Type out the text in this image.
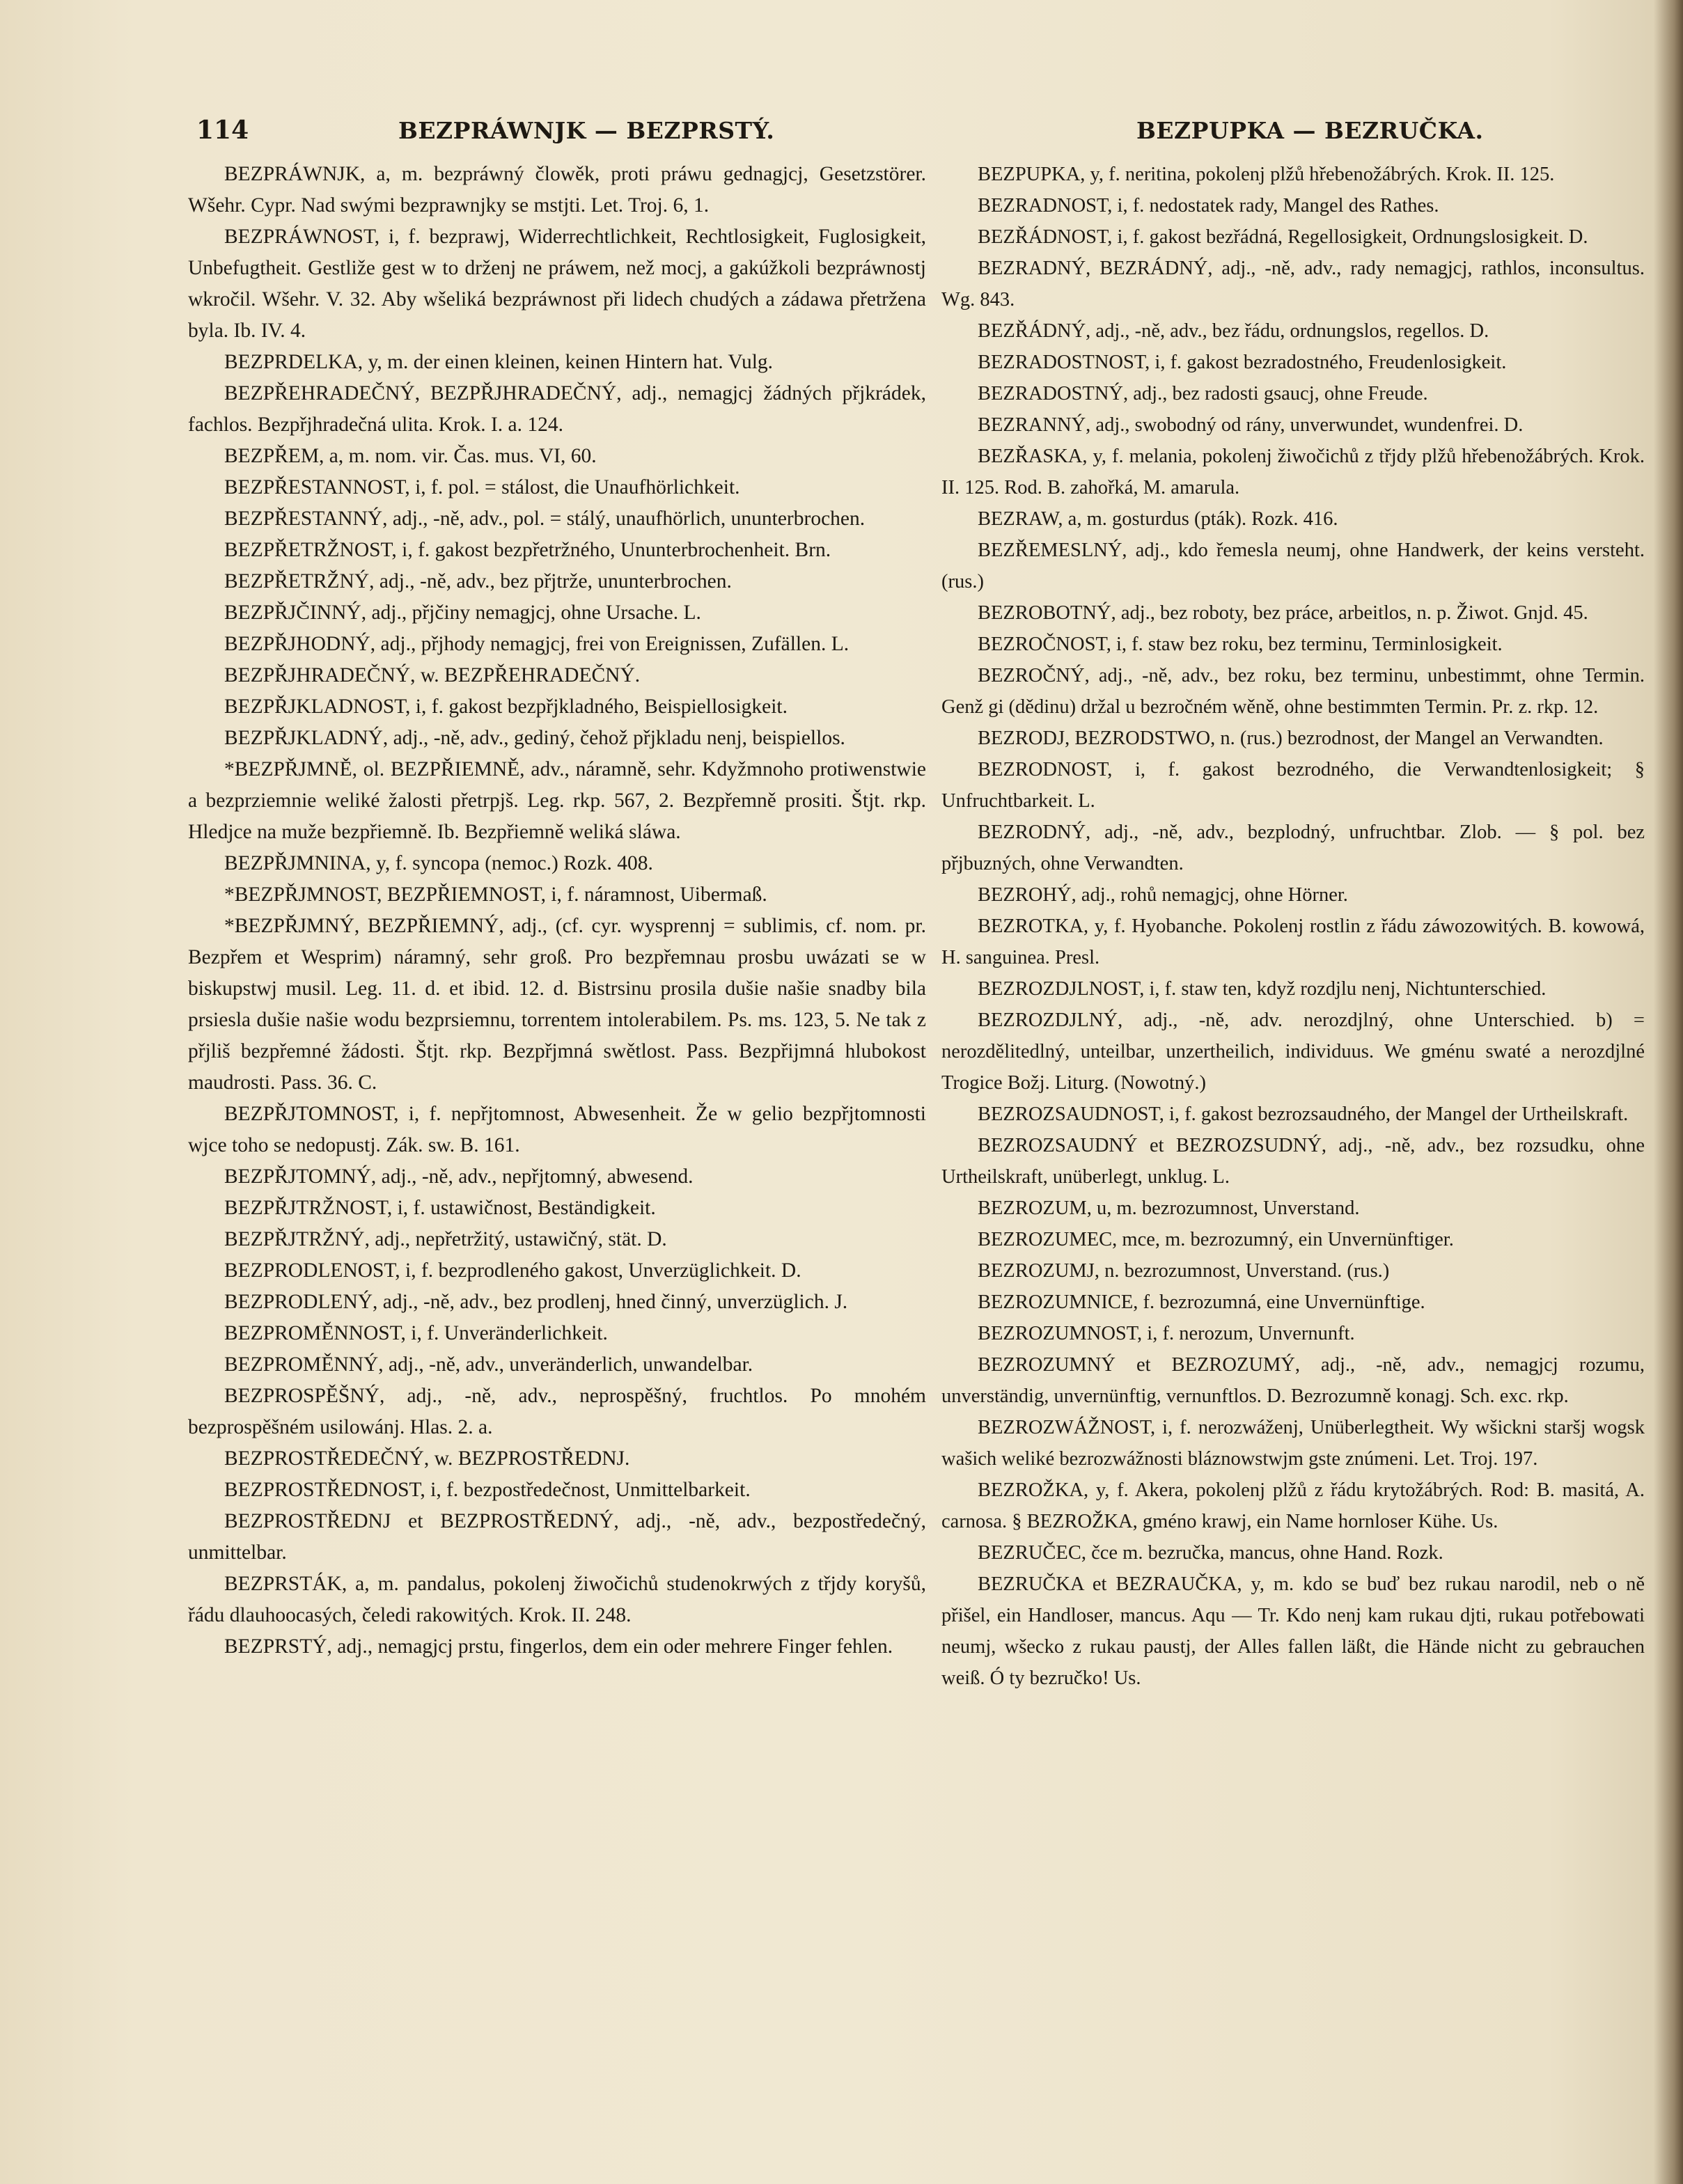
114	BEZPRÁWNJK — BEZPRSTÝ.	BEZPUPKA — BEZRUČKA.

BEZPRÁWNJK, a, m. bezpráwný člowěk, proti práwu gednagjcj, Gesetzstörer. Wšehr. Cypr. Nad swými bezprawnjky se mstjti. Let. Troj. 6, 1.

BEZPRÁWNOST, i, f. bezprawj, Widerrechtlichkeit, Rechtlosigkeit, Fuglosigkeit, Unbefugtheit. Gestliže gest w to drženj ne práwem, než mocj, a gakúžkoli bezpráwnostj wkročil. Wšehr. V. 32. Aby wšeliká bezpráwnost při lidech chudých a zádawa přetržena byla. Ib. IV. 4.

BEZPRDELKA, y, m. der einen kleinen, keinen Hintern hat. Vulg.

BEZPŘEHRADEČNÝ, BEZPŘJHRADEČNÝ, adj., nemagjcj žádných přjkrádek, fachlos. Bezpřjhradečná ulita. Krok. I. a. 124.

BEZPŘEM, a, m. nom. vir. Čas. mus. VI, 60.

BEZPŘESTANNOST, i, f. pol. = stálost, die Unaufhörlichkeit.

BEZPŘESTANNÝ, adj., -ně, adv., pol. = stálý, unaufhörlich, ununterbrochen.

BEZPŘETRŽNOST, i, f. gakost bezpřetržného, Ununterbrochenheit. Brn.

BEZPŘETRŽNÝ, adj., -ně, adv., bez přjtrže, ununterbrochen.

BEZPŘJČINNÝ, adj., přjčiny nemagjcj, ohne Ursache. L.

BEZPŘJHODNÝ, adj., přjhody nemagjcj, frei von Ereignissen, Zufällen. L.

BEZPŘJHRADEČNÝ, w. BEZPŘEHRADEČNÝ.

BEZPŘJKLADNOST, i, f. gakost bezpřjkladného, Beispiellosigkeit.

BEZPŘJKLADNÝ, adj., -ně, adv., gediný, čehož přjkladu nenj, beispiellos.

*BEZPŘJMNĚ, ol. BEZPŘIEMNĚ, adv., náramně, sehr. Kdyžmnoho protiwenstwie a bezprziemnie weliké žalosti přetrpjš. Leg. rkp. 567, 2. Bezpřemně prositi. Štjt. rkp. Hledjce na muže bezpřiemně. Ib. Bezpřiemně weliká sláwa.

BEZPŘJMNINA, y, f. syncopa (nemoc.) Rozk. 408.

*BEZPŘJMNOST, BEZPŘIEMNOST, i, f. náramnost, Uibermaß.

*BEZPŘJMNÝ, BEZPŘIEMNÝ, adj., (cf. cyr. wysprennj = sublimis, cf. nom. pr. Bezpřem et Wesprim) náramný, sehr groß. Pro bezpřemnau prosbu uwázati se w biskupstwj musil. Leg. 11. d. et ibid. 12. d. Bistrsinu prosila dušie našie snadby bila prsiesla dušie našie wodu bezprsiemnu, torrentem intolerabilem. Ps. ms. 123, 5. Ne tak z přjliš bezpřemné žádosti. Štjt. rkp. Bezpřjmná swětlost. Pass. Bezpřijmná hlubokost maudrosti. Pass. 36. C.

BEZPŘJTOMNOST, i, f. nepřjtomnost, Abwesenheit. Že w gelio bezpřjtomnosti wjce toho se nedopustj. Zák. sw. B. 161.

BEZPŘJTOMNÝ, adj., -ně, adv., nepřjtomný, abwesend.

BEZPŘJTRŽNOST, i, f. ustawičnost, Beständigkeit.

BEZPŘJTRŽNÝ, adj., nepřetržitý, ustawičný, stät. D.

BEZPRODLENOST, i, f. bezprodleného gakost, Unverzüglichkeit. D.

BEZPRODLENÝ, adj., -ně, adv., bez prodlenj, hned činný, unverzüglich. J.

BEZPROMĚNNOST, i, f. Unveränderlichkeit.

BEZPROMĚNNÝ, adj., -ně, adv., unveränderlich, unwandelbar.

BEZPROSPĚŠNÝ, adj., -ně, adv., neprospěšný, fruchtlos. Po mnohém bezprospěšném usilowánj. Hlas. 2. a.

BEZPROSTŘEDEČNÝ, w. BEZPROSTŘEDNJ.

BEZPROSTŘEDNOST, i, f. bezpostředečnost, Unmittelbarkeit.

BEZPROSTŘEDNJ et BEZPROSTŘEDNÝ, adj., -ně, adv., bezpostředečný, unmittelbar.

BEZPRSTÁK, a, m. pandalus, pokolenj žiwočichů studenokrwých z třjdy koryšů, řádu dlauhoocasých, čeledi rakowitých. Krok. II. 248.

BEZPRSTÝ, adj., nemagjcj prstu, fingerlos, dem ein oder mehrere Finger fehlen.

BEZPUPKA, y, f. neritina, pokolenj plžů hřebenožábrých. Krok. II. 125.

BEZRADNOST, i, f. nedostatek rady, Mangel des Rathes.

BEZŘÁDNOST, i, f. gakost bezřádná, Regellosigkeit, Ordnungslosigkeit. D.

BEZRADNÝ, BEZRÁDNÝ, adj., -ně, adv., rady nemagjcj, rathlos, inconsultus. Wg. 843.

BEZŘÁDNÝ, adj., -ně, adv., bez řádu, ordnungslos, regellos. D.

BEZRADOSTNOST, i, f. gakost bezradostného, Freudenlosigkeit.

BEZRADOSTNÝ, adj., bez radosti gsaucj, ohne Freude.

BEZRANNÝ, adj., swobodný od rány, unverwundet, wundenfrei. D.

BEZŘASKA, y, f. melania, pokolenj žiwočichů z třjdy plžů hřebenožábrých. Krok. II. 125. Rod. B. zahořká, M. amarula.

BEZRAW, a, m. gosturdus (pták). Rozk. 416.

BEZŘEMESLNÝ, adj., kdo řemesla neumj, ohne Handwerk, der keins versteht. (rus.)

BEZROBOTNÝ, adj., bez roboty, bez práce, arbeitlos, n. p. Žiwot. Gnjd. 45.

BEZROČNOST, i, f. staw bez roku, bez terminu, Terminlosigkeit.

BEZROČNÝ, adj., -ně, adv., bez roku, bez terminu, unbestimmt, ohne Termin. Genž gi (dědinu) držal u bezročném wěně, ohne bestimmten Termin. Pr. z. rkp. 12.

BEZRODJ, BEZRODSTWO, n. (rus.) bezrodnost, der Mangel an Verwandten.

BEZRODNOST, i, f. gakost bezrodného, die Verwandtenlosigkeit; § Unfruchtbarkeit. L.

BEZRODNÝ, adj., -ně, adv., bezplodný, unfruchtbar. Zlob. — § pol. bez přjbuzných, ohne Verwandten.

BEZROHÝ, adj., rohů nemagjcj, ohne Hörner.

BEZROTKA, y, f. Hyobanche. Pokolenj rostlin z řádu záwozowitých. B. kowowá, H. sanguinea. Presl.

BEZROZDJLNOST, i, f. staw ten, když rozdjlu nenj, Nichtunterschied.

BEZROZDJLNÝ, adj., -ně, adv. nerozdjlný, ohne Unterschied. b) = nerozdělitedlný, unteilbar, unzertheilich, individuus. We gménu swaté a nerozdjlné Trogice Božj. Liturg. (Nowotný.)

BEZROZSAUDNOST, i, f. gakost bezrozsaudného, der Mangel der Urtheilskraft.

BEZROZSAUDNÝ et BEZROZSUDNÝ, adj., -ně, adv., bez rozsudku, ohne Urtheilskraft, unüberlegt, unklug. L.

BEZROZUM, u, m. bezrozumnost, Unverstand.

BEZROZUMEC, mce, m. bezrozumný, ein Unvernünftiger.

BEZROZUMJ, n. bezrozumnost, Unverstand. (rus.)

BEZROZUMNICE, f. bezrozumná, eine Unvernünftige.

BEZROZUMNOST, i, f. nerozum, Unvernunft.

BEZROZUMNÝ et BEZROZUMÝ, adj., -ně, adv., nemagjcj rozumu, unverständig, unvernünftig, vernunftlos. D. Bezrozumně konagj. Sch. exc. rkp.

BEZROZWÁŽNOST, i, f. nerozwáženj, Unüberlegtheit. Wy wšickni staršj wogsk wašich weliké bezrozwážnosti bláznowstwjm gste znúmeni. Let. Troj. 197.

BEZROŽKA, y, f. Akera, pokolenj plžů z řádu krytožábrých. Rod: B. masitá, A. carnosa. § BEZROŽKA, gméno krawj, ein Name hornloser Kühe. Us.

BEZRUČEC, čce m. bezručka, mancus, ohne Hand. Rozk.

BEZRUČKA et BEZRAUČKA, y, m. kdo se buď bez rukau narodil, neb o ně přišel, ein Handloser, mancus. Aqu — Tr. Kdo nenj kam rukau djti, rukau potřebowati neumj, wšecko z rukau paustj, der Alles fallen läßt, die Hände nicht zu gebrauchen weiß. Ó ty bezručko! Us.
